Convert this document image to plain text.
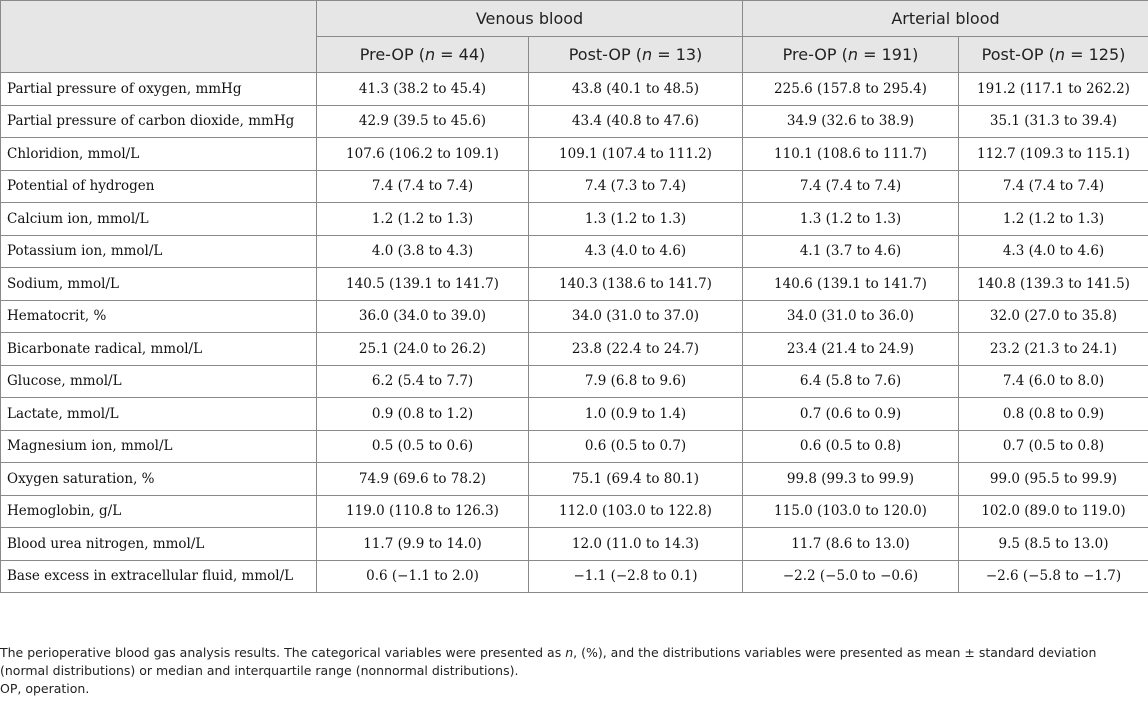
	Venous blood		Arterial blood	
	Pre-OP (n = 44)	Post-OP (n = 13)	Pre-OP (n = 191)	Post-OP (n = 125)
Partial pressure of oxygen, mmHg	41.3 (38.2 to 45.4)	43.8 (40.1 to 48.5)	225.6 (157.8 to 295.4)	191.2 (117.1 to 262.2)
Partial pressure of carbon dioxide, mmHg	42.9 (39.5 to 45.6)	43.4 (40.8 to 47.6)	34.9 (32.6 to 38.9)	35.1 (31.3 to 39.4)
Chloridion, mmol/L	107.6 (106.2 to 109.1)	109.1 (107.4 to 111.2)	110.1 (108.6 to 111.7)	112.7 (109.3 to 115.1)
Potential of hydrogen	7.4 (7.4 to 7.4)	7.4 (7.3 to 7.4)	7.4 (7.4 to 7.4)	7.4 (7.4 to 7.4)
Calcium ion, mmol/L	1.2 (1.2 to 1.3)	1.3 (1.2 to 1.3)	1.3 (1.2 to 1.3)	1.2 (1.2 to 1.3)
Potassium ion, mmol/L	4.0 (3.8 to 4.3)	4.3 (4.0 to 4.6)	4.1 (3.7 to 4.6)	4.3 (4.0 to 4.6)
Sodium, mmol/L	140.5 (139.1 to 141.7)	140.3 (138.6 to 141.7)	140.6 (139.1 to 141.7)	140.8 (139.3 to 141.5)
Hematocrit, %	36.0 (34.0 to 39.0)	34.0 (31.0 to 37.0)	34.0 (31.0 to 36.0)	32.0 (27.0 to 35.8)
Bicarbonate radical, mmol/L	25.1 (24.0 to 26.2)	23.8 (22.4 to 24.7)	23.4 (21.4 to 24.9)	23.2 (21.3 to 24.1)
Glucose, mmol/L	6.2 (5.4 to 7.7)	7.9 (6.8 to 9.6)	6.4 (5.8 to 7.6)	7.4 (6.0 to 8.0)
Lactate, mmol/L	0.9 (0.8 to 1.2)	1.0 (0.9 to 1.4)	0.7 (0.6 to 0.9)	0.8 (0.8 to 0.9)
Magnesium ion, mmol/L	0.5 (0.5 to 0.6)	0.6 (0.5 to 0.7)	0.6 (0.5 to 0.8)	0.7 (0.5 to 0.8)
Oxygen saturation, %	74.9 (69.6 to 78.2)	75.1 (69.4 to 80.1)	99.8 (99.3 to 99.9)	99.0 (95.5 to 99.9)
Hemoglobin, g/L	119.0 (110.8 to 126.3)	112.0 (103.0 to 122.8)	115.0 (103.0 to 120.0)	102.0 (89.0 to 119.0)
Blood urea nitrogen, mmol/L	11.7 (9.9 to 14.0)	12.0 (11.0 to 14.3)	11.7 (8.6 to 13.0)	9.5 (8.5 to 13.0)
Base excess in extracellular fluid, mmol/L	0.6 (−1.1 to 2.0)	−1.1 (−2.8 to 0.1)	−2.2 (−5.0 to −0.6)	−2.6 (−5.8 to −1.7)

The perioperative blood gas analysis results. The categorical variables were presented as n, (%), and the distributions variables were presented as mean ± standard deviation (normal distributions) or median and interquartile range (nonnormal distributions).

OP, operation.
